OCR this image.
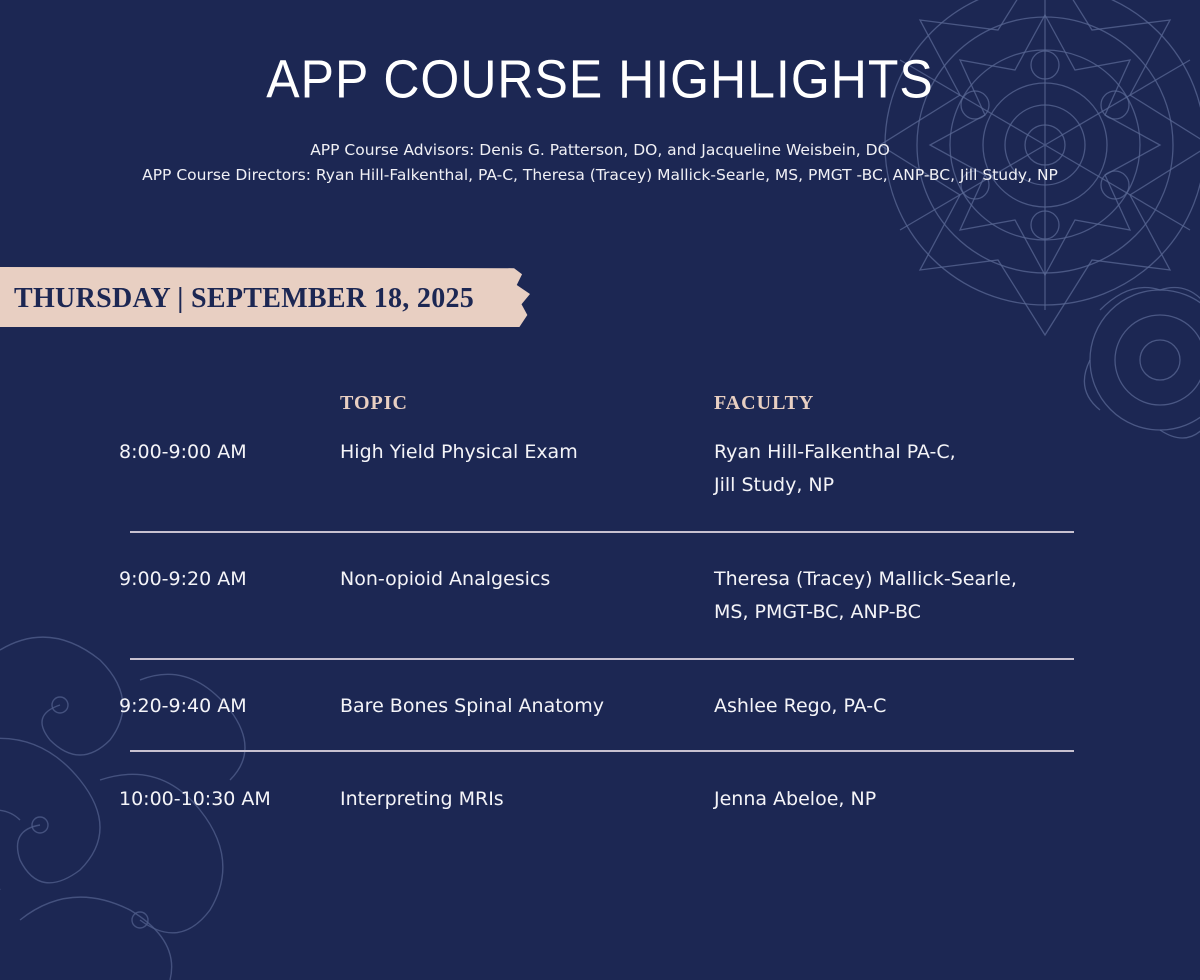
APP COURSE HIGHLIGHTS
APP Course Advisors: Denis G. Patterson, DO, and Jacqueline Weisbein, DO
APP Course Directors: Ryan Hill-Falkenthal, PA-C, Theresa (Tracey) Mallick-Searle, MS, PMGT -BC, ANP-BC, Jill Study, NP
THURSDAY | SEPTEMBER 18, 2025
TOPIC	FACULTY
8:00-9:00 AM	High Yield Physical Exam	Ryan Hill-Falkenthal PA-C,
Jill Study, NP
9:00-9:20 AM	Non-opioid Analgesics	Theresa (Tracey) Mallick-Searle,
MS, PMGT-BC, ANP-BC
9:20-9:40 AM	Bare Bones Spinal Anatomy	Ashlee Rego, PA-C
10:00-10:30 AM	Interpreting MRIs	Jenna Abeloe, NP
